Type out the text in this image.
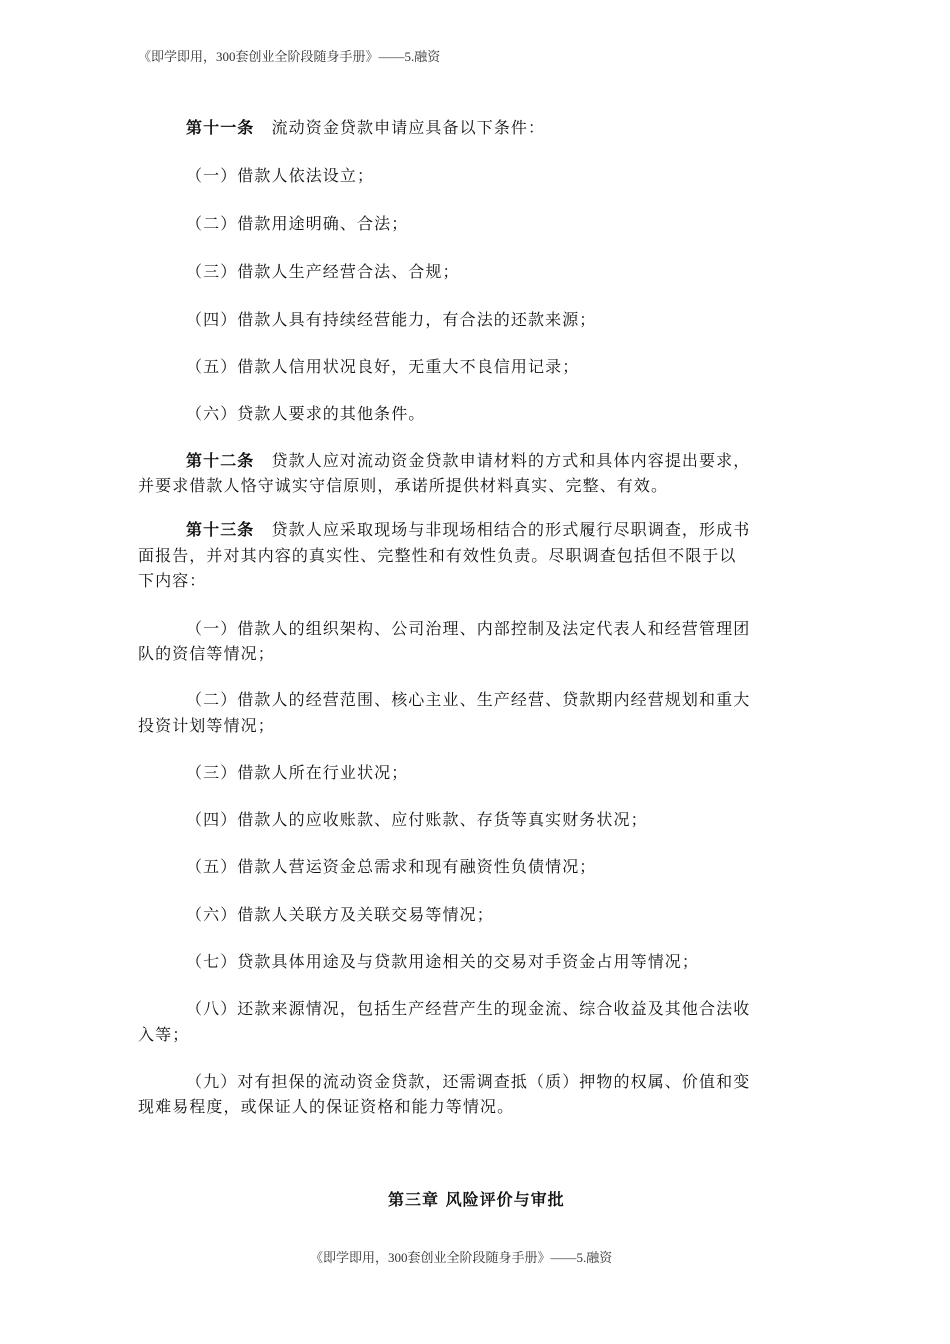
《即学即用，300套创业全阶段随身手册》——5.融资
第十一条　 流动资金贷款申请应具备以下条件：
（一）借款人依法设立；
（二）借款用途明确、合法；
（三）借款人生产经营合法、合规；
（四）借款人具有持续经营能力，有合法的还款来源；
（五）借款人信用状况良好，无重大不良信用记录；
（六）贷款人要求的其他条件。
第十二条　 贷款人应对流动资金贷款申请材料的方式和具体内容提出要求，
并要求借款人恪守诚实守信原则，承诺所提供材料真实、完整、有效。
第十三条　 贷款人应采取现场与非现场相结合的形式履行尽职调查，形成书
面报告，并对其内容的真实性、完整性和有效性负责。尽职调查包括但不限于以
下内容：
（一）借款人的组织架构、公司治理、内部控制及法定代表人和经营管理团
队的资信等情况；
（二）借款人的经营范围、核心主业、生产经营、贷款期内经营规划和重大
投资计划等情况；
（三）借款人所在行业状况；
（四）借款人的应收账款、应付账款、存货等真实财务状况；
（五）借款人营运资金总需求和现有融资性负债情况；
（六）借款人关联方及关联交易等情况；
（七）贷款具体用途及与贷款用途相关的交易对手资金占用等情况；
（八）还款来源情况，包括生产经营产生的现金流、综合收益及其他合法收
入等；
（九）对有担保的流动资金贷款，还需调查抵（质）押物的权属、价值和变
现难易程度，或保证人的保证资格和能力等情况。
第三章 风险评价与审批
《即学即用，300套创业全阶段随身手册》——5.融资
